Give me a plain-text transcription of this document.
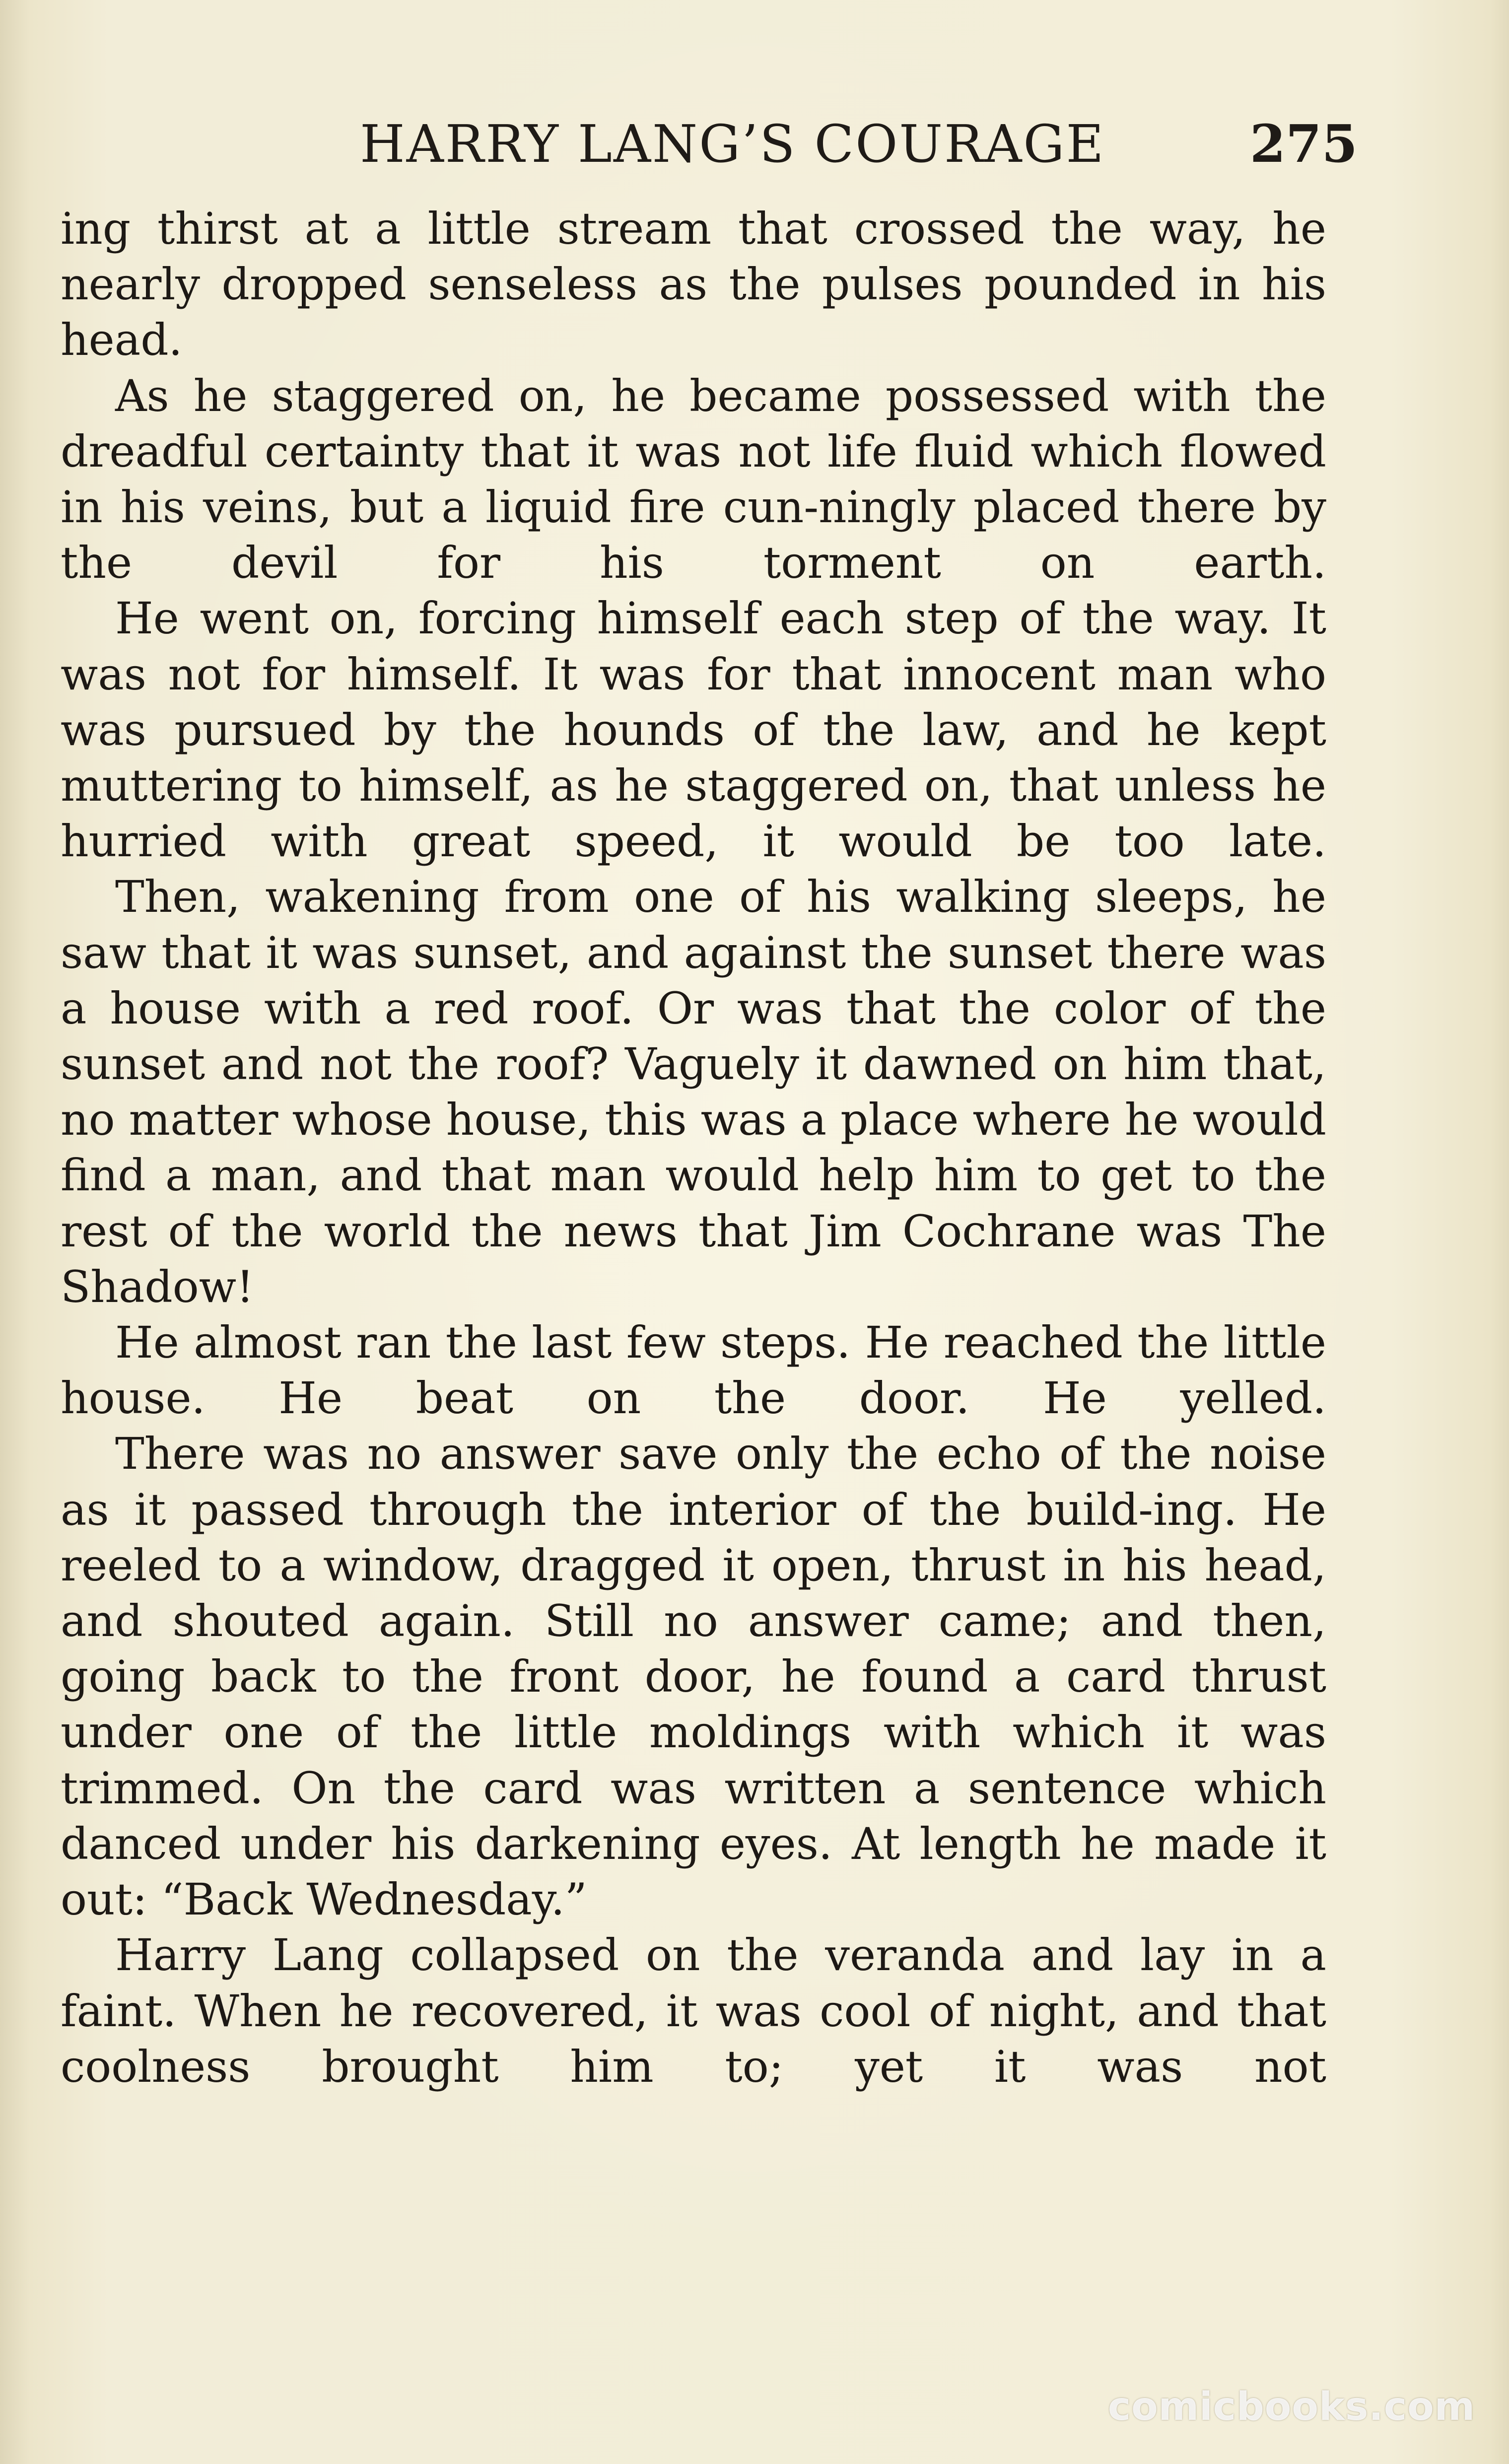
HARRY LANG’S COURAGE	275

ing thirst at a little stream that crossed the way, he nearly dropped senseless as the pulses pounded in his head.

As he staggered on, he became possessed with the dreadful certainty that it was not life fluid which flowed in his veins, but a liquid fire cun-ningly placed there by the devil for his torment on earth.

He went on, forcing himself each step of the way. It was not for himself. It was for that innocent man who was pursued by the hounds of the law, and he kept muttering to himself, as he staggered on, that unless he hurried with great speed, it would be too late.

Then, wakening from one of his walking sleeps, he saw that it was sunset, and against the sunset there was a house with a red roof. Or was that the color of the sunset and not the roof? Vaguely it dawned on him that, no matter whose house, this was a place where he would find a man, and that man would help him to get to the rest of the world the news that Jim Cochrane was The Shadow!

He almost ran the last few steps. He reached the little house. He beat on the door. He yelled.

There was no answer save only the echo of the noise as it passed through the interior of the build-ing. He reeled to a window, dragged it open, thrust in his head, and shouted again. Still no answer came; and then, going back to the front door, he found a card thrust under one of the little moldings with which it was trimmed. On the card was written a sentence which danced under his darkening eyes. At length he made it out: “Back Wednesday.”

Harry Lang collapsed on the veranda and lay in a faint. When he recovered, it was cool of night, and that coolness brought him to; yet it was not

comicbooks.com
